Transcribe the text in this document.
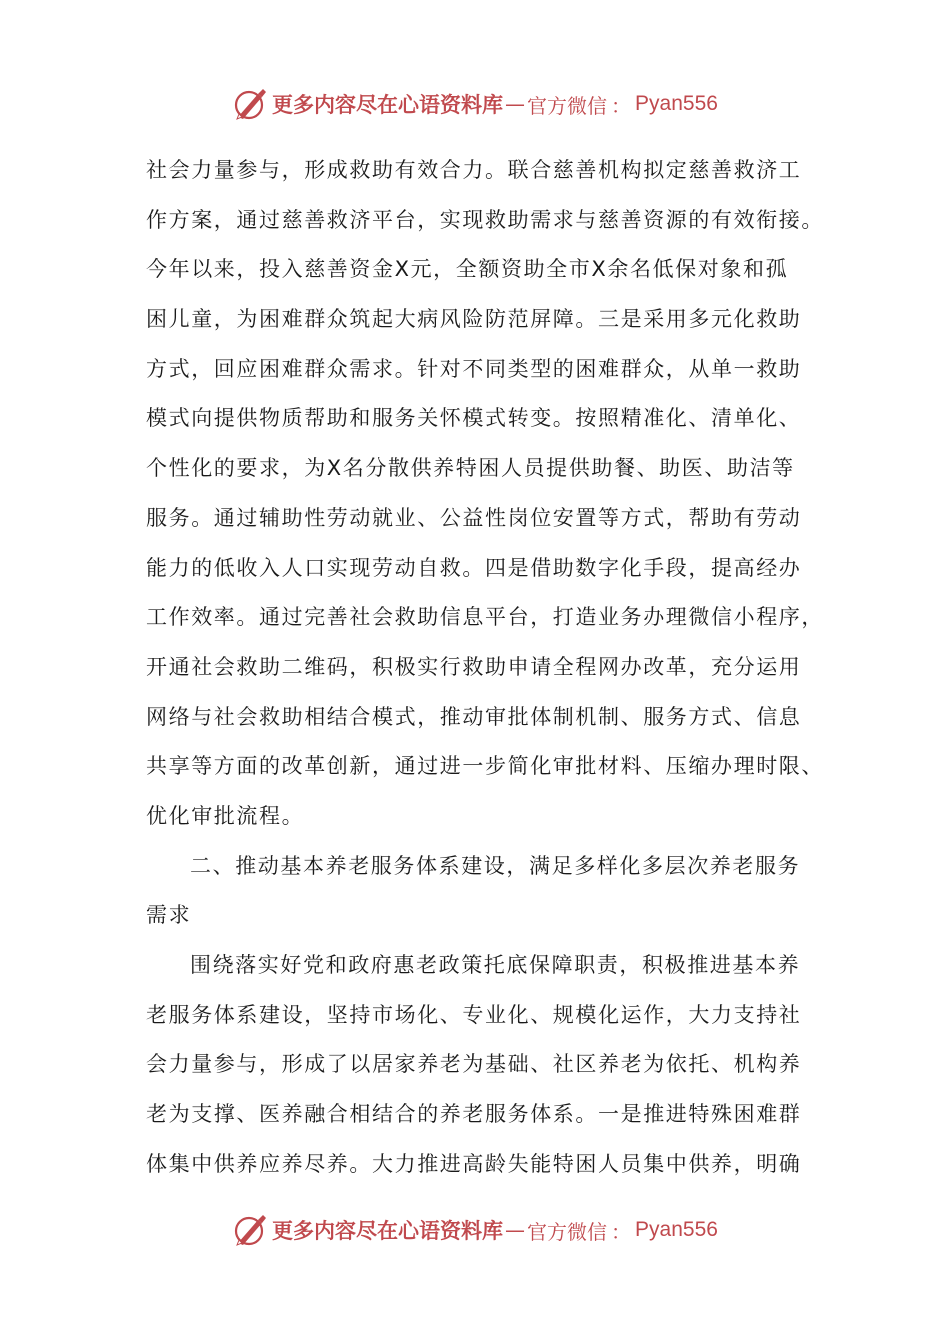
更多内容尽在心语资料库 — 官方微信 ： Pyan556
社会力量参与，形成救助有效合力。联合慈善机构拟定慈善救济工
作方案，通过慈善救济平台，实现救助需求与慈善资源的有效衔接。
今年以来，投入慈善资金X元，全额资助全市X余名低保对象和孤
困儿童，为困难群众筑起大病风险防范屏障。三是采用多元化救助
方式，回应困难群众需求。针对不同类型的困难群众，从单一救助
模式向提供物质帮助和服务关怀模式转变。按照精准化、清单化、
个性化的要求，为X名分散供养特困人员提供助餐、助医、助洁等
服务。通过辅助性劳动就业、公益性岗位安置等方式，帮助有劳动
能力的低收入人口实现劳动自救。四是借助数字化手段，提高经办
工作效率。通过完善社会救助信息平台，打造业务办理微信小程序，
开通社会救助二维码，积极实行救助申请全程网办改革，充分运用
网络与社会救助相结合模式，推动审批体制机制、服务方式、信息
共享等方面的改革创新，通过进一步简化审批材料、压缩办理时限、
优化审批流程。
二、推动基本养老服务体系建设，满足多样化多层次养老服务
需求
围绕落实好党和政府惠老政策托底保障职责，积极推进基本养
老服务体系建设，坚持市场化、专业化、规模化运作，大力支持社
会力量参与，形成了以居家养老为基础、社区养老为依托、机构养
老为支撑、医养融合相结合的养老服务体系。一是推进特殊困难群
体集中供养应养尽养。大力推进高龄失能特困人员集中供养，明确
更多内容尽在心语资料库 — 官方微信 ： Pyan556
